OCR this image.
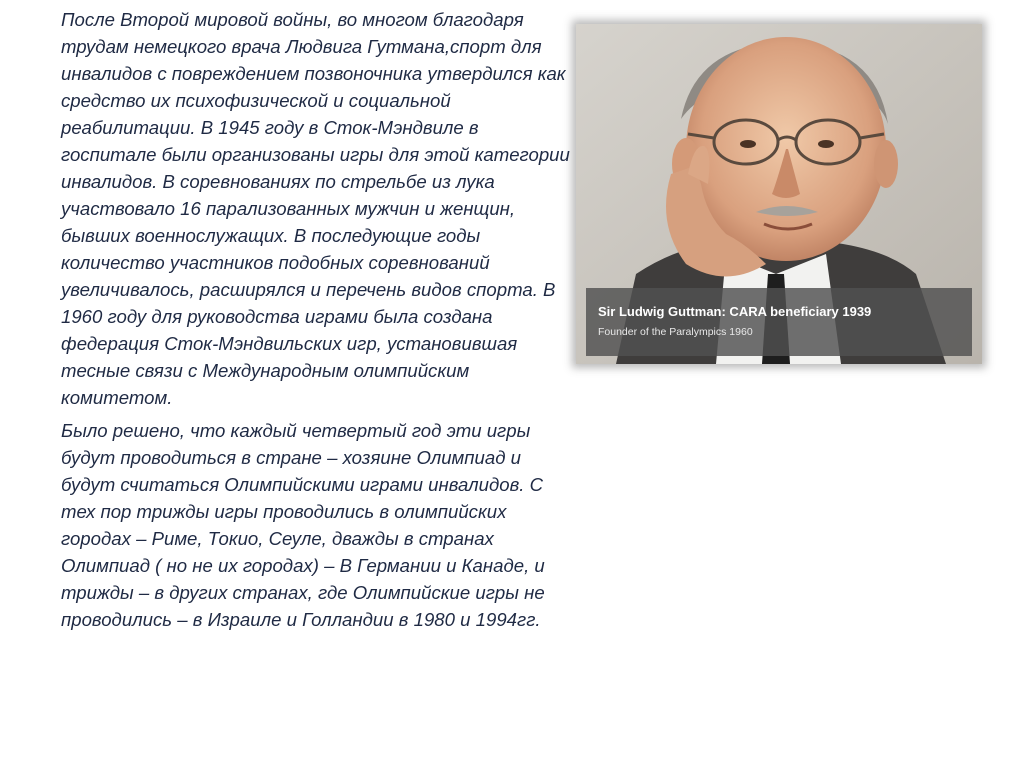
После Второй мировой войны, во многом благодаря трудам немецкого врача Людвига Гутмана,спорт для инвалидов с повреждением позвоночника утвердился как средство их психофизической и социальной реабилитации. В 1945 году в Сток-Мэндвиле в госпитале были организованы игры для этой категории инвалидов. В соревнованиях по стрельбе из лука участвовало 16 парализованных мужчин и женщин, бывших военнослужащих. В последующие годы количество участников подобных соревнований увеличивалось, расширялся и перечень видов спорта. В 1960 году для руководства играми была создана федерация Сток-Мэндвильских игр, установившая тесные связи с Международным олимпийским комитетом.

Было решено, что каждый четвертый год эти игры будут проводиться в стране – хозяине Олимпиад и будут считаться Олимпийскими играми инвалидов. С тех пор трижды игры проводились в олимпийских городах – Риме, Токио, Сеуле, дважды в странах Олимпиад ( но не их городах) – В Германии и Канаде, и трижды – в других странах, где Олимпийские игры не проводились – в Израиле и Голландии в 1980 и 1994гг.

Sir Ludwig Guttman: CARA beneficiary 1939
Founder of the Paralympics 1960
